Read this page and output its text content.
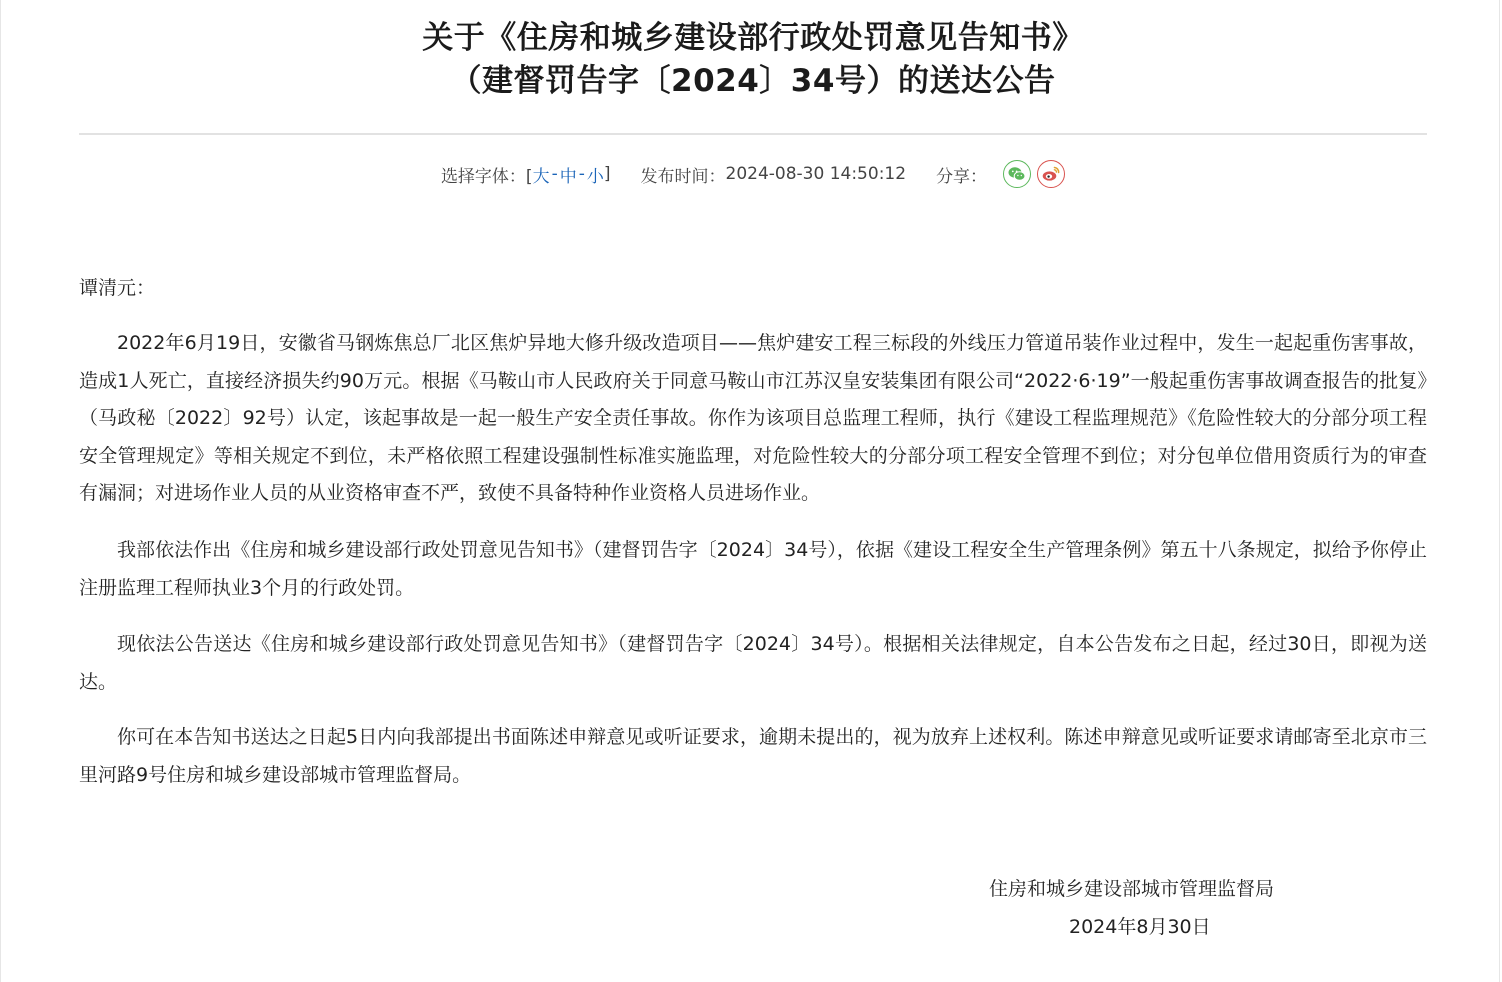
关于《住房和城乡建设部行政处罚意见告知书》
（建督罚告字〔2024〕34号）的送达公告
选择字体：[ 大 - 中 - 小 ] 发布时间： 2024-08-30 14:50:12 分享：
谭清元：

2022年6月19日，安徽省马钢炼焦总厂北区焦炉异地大修升级改造项目——焦炉建安工程三标段的外线压力管道吊装作业过程中，发生一起起重伤害事故，造成1人死亡，直接经济损失约90万元。根据《马鞍山市人民政府关于同意马鞍山市江苏汉皇安装集团有限公司“2022·6·19”一般起重伤害事故调查报告的批复》（马政秘〔2022〕92号）认定，该起事故是一起一般生产安全责任事故。你作为该项目总监理工程师，执行《建设工程监理规范》《危险性较大的分部分项工程安全管理规定》等相关规定不到位，未严格依照工程建设强制性标准实施监理，对危险性较大的分部分项工程安全管理不到位；对分包单位借用资质行为的审查有漏洞；对进场作业人员的从业资格审查不严，致使不具备特种作业资格人员进场作业。

我部依法作出《住房和城乡建设部行政处罚意见告知书》（建督罚告字〔2024〕34号），依据《建设工程安全生产管理条例》第五十八条规定，拟给予你停止注册监理工程师执业3个月的行政处罚。

现依法公告送达《住房和城乡建设部行政处罚意见告知书》（建督罚告字〔2024〕34号）。根据相关法律规定，自本公告发布之日起，经过30日，即视为送达。

你可在本告知书送达之日起5日内向我部提出书面陈述申辩意见或听证要求，逾期未提出的，视为放弃上述权利。陈述申辩意见或听证要求请邮寄至北京市三里河路9号住房和城乡建设部城市管理监督局。

住房和城乡建设部城市管理监督局
2024年8月30日
